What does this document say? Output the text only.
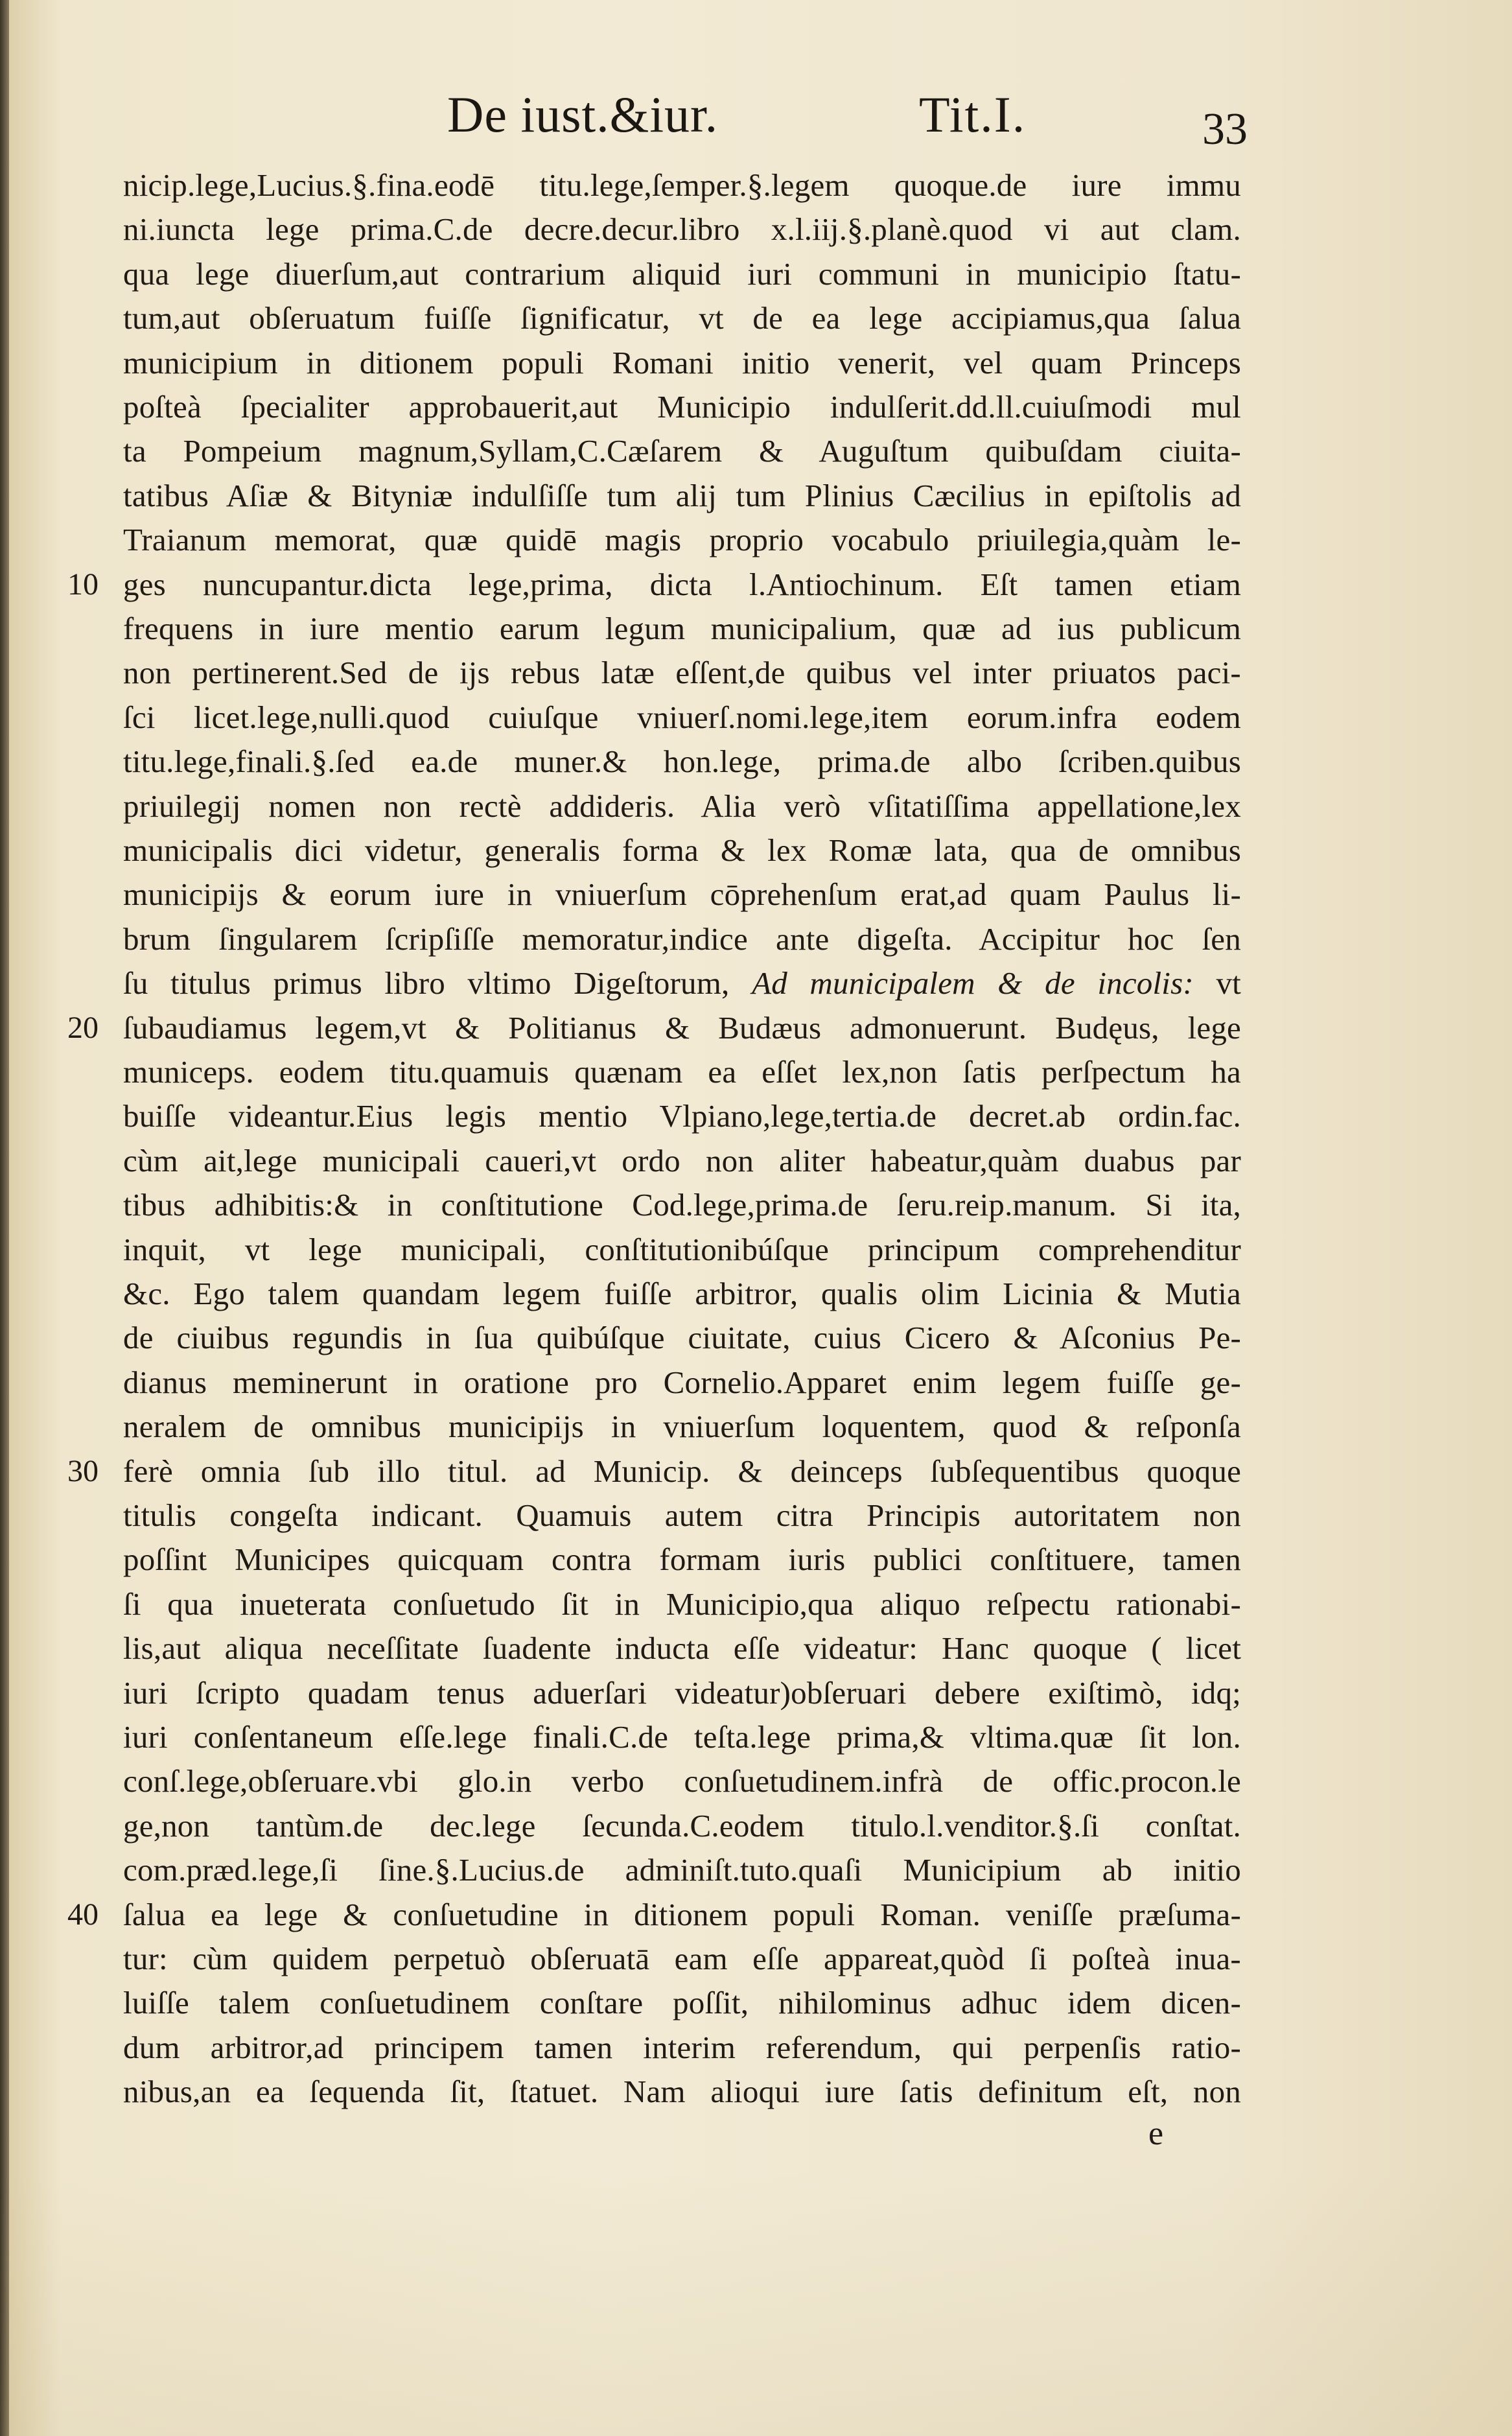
De iust.&iur.	Tit.I.	33
nicip.lege,Lucius.§.fina.eodē titu.lege,ſemper.§.legem quoque.de iure immu
ni.iuncta lege prima.C.de decre.decur.libro x.l.iij.§.planè.quod vi aut clam.
qua lege diuerſum,aut contrarium aliquid iuri communi in municipio ſtatu-
tum,aut obſeruatum fuiſſe ſignificatur, vt de ea lege accipiamus,qua ſalua
municipium in ditionem populi Romani initio venerit, vel quam Princeps
poſteà ſpecialiter approbauerit,aut Municipio indulſerit.dd.ll.cuiuſmodi mul
ta Pompeium magnum,Syllam,C.Cæſarem & Auguſtum quibuſdam ciuita-
tatibus Aſiæ & Bityniæ indulſiſſe tum alij tum Plinius Cæcilius in epiſtolis ad
Traianum memorat, quæ quidē magis proprio vocabulo priuilegia,quàm le-
10 ges nuncupantur.dicta lege,prima, dicta l.Antiochinum. Eſt tamen etiam
frequens in iure mentio earum legum municipalium, quæ ad ius publicum
non pertinerent.Sed de ijs rebus latæ eſſent,de quibus vel inter priuatos paci-
ſci licet.lege,nulli.quod cuiuſque vniuerſ.nomi.lege,item eorum.infra eodem
titu.lege,finali.§.ſed ea.de muner.& hon.lege, prima.de albo ſcriben.quibus
priuilegij nomen non rectè addideris. Alia verò vſitatiſſima appellatione,lex
municipalis dici videtur, generalis forma & lex Romæ lata, qua de omnibus
municipijs & eorum iure in vniuerſum cōprehenſum erat,ad quam Paulus li-
brum ſingularem ſcripſiſſe memoratur,indice ante digeſta. Accipitur hoc ſen
ſu titulus primus libro vltimo Digeſtorum, Ad municipalem & de incolis: vt
20 ſubaudiamus legem,vt & Politianus & Budæus admonuerunt. Budęus, lege
municeps. eodem titu.quamuis quænam ea eſſet lex,non ſatis perſpectum ha
buiſſe videantur.Eius legis mentio Vlpiano,lege,tertia.de decret.ab ordin.fac.
cùm ait,lege municipali caueri,vt ordo non aliter habeatur,quàm duabus par
tibus adhibitis:& in conſtitutione Cod.lege,prima.de ſeru.reip.manum. Si ita,
inquit, vt lege municipali, conſtitutionibúſque principum comprehenditur
&c. Ego talem quandam legem fuiſſe arbitror, qualis olim Licinia & Mutia
de ciuibus regundis in ſua quibúſque ciuitate, cuius Cicero & Aſconius Pe-
dianus meminerunt in oratione pro Cornelio.Apparet enim legem fuiſſe ge-
neralem de omnibus municipijs in vniuerſum loquentem, quod & reſponſa
30 ferè omnia ſub illo titul. ad Municip. & deinceps ſubſequentibus quoque
titulis congeſta indicant. Quamuis autem citra Principis autoritatem non
poſſint Municipes quicquam contra formam iuris publici conſtituere, tamen
ſi qua inueterata conſuetudo ſit in Municipio,qua aliquo reſpectu rationabi-
lis,aut aliqua neceſſitate ſuadente inducta eſſe videatur: Hanc quoque ( licet
iuri ſcripto quadam tenus aduerſari videatur)obſeruari debere exiſtimò, idq;
iuri conſentaneum eſſe.lege finali.C.de teſta.lege prima,& vltima.quæ ſit lon.
conſ.lege,obſeruare.vbi glo.in verbo conſuetudinem.infrà de offic.procon.le
ge,non tantùm.de dec.lege ſecunda.C.eodem titulo.l.venditor.§.ſi conſtat.
com.præd.lege,ſi ſine.§.Lucius.de adminiſt.tuto.quaſi Municipium ab initio
40 ſalua ea lege & conſuetudine in ditionem populi Roman. veniſſe præſuma-
tur: cùm quidem perpetuò obſeruatā eam eſſe appareat,quòd ſi poſteà inua-
luiſſe talem conſuetudinem conſtare poſſit, nihilominus adhuc idem dicen-
dum arbitror,ad principem tamen interim referendum, qui perpenſis ratio-
nibus,an ea ſequenda ſit, ſtatuet. Nam alioqui iure ſatis definitum eſt, non
e
